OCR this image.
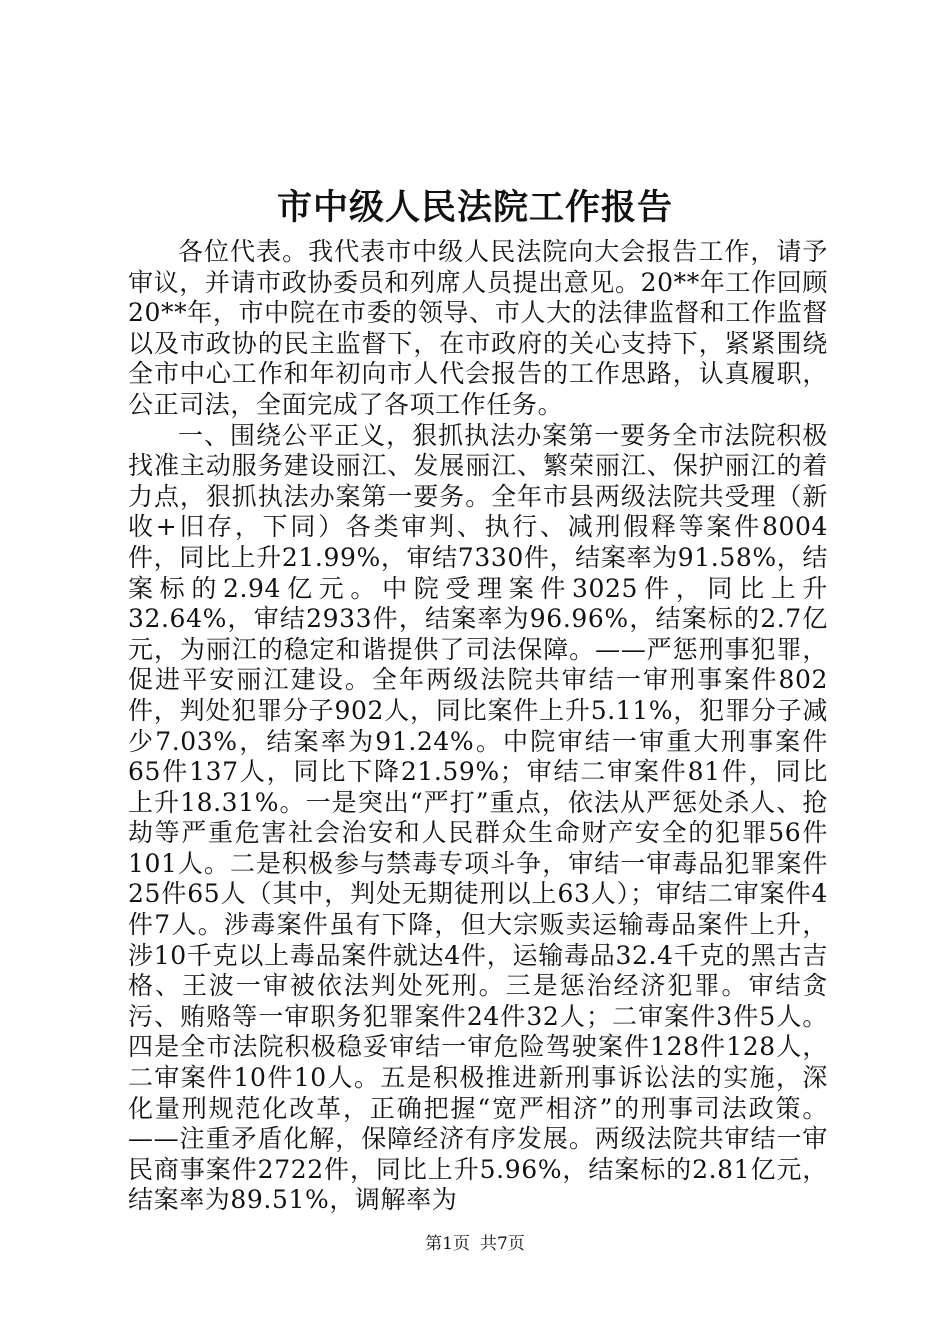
市中级人民法院工作报告

各位代表。我代表市中级人民法院向大会报告工作，请予审议，并请市政协委员和列席人员提出意见。20**年工作回顾20**年，市中院在市委的领导、市人大的法律监督和工作监督以及市政协的民主监督下，在市政府的关心支持下，紧紧围绕全市中心工作和年初向市人代会报告的工作思路，认真履职，公正司法，全面完成了各项工作任务。

一、围绕公平正义，狠抓执法办案第一要务全市法院积极找准主动服务建设丽江、发展丽江、繁荣丽江、保护丽江的着力点，狠抓执法办案第一要务。全年市县两级法院共受理（新收+旧存，下同）各类审判、执行、减刑假释等案件8004件，同比上升21.99%，审结7330件，结案率为91.58%，结案标的2.94亿元。中院受理案件3025件，同比上升32.64%，审结2933件，结案率为96.96%，结案标的2.7亿元，为丽江的稳定和谐提供了司法保障。——严惩刑事犯罪，促进平安丽江建设。全年两级法院共审结一审刑事案件802件，判处犯罪分子902人，同比案件上升5.11%，犯罪分子减少7.03%，结案率为91.24%。中院审结一审重大刑事案件65件137人，同比下降21.59%；审结二审案件81件，同比上升18.31%。一是突出“严打”重点，依法从严惩处杀人、抢劫等严重危害社会治安和人民群众生命财产安全的犯罪56件101人。二是积极参与禁毒专项斗争，审结一审毒品犯罪案件25件65人（其中，判处无期徒刑以上63人）；审结二审案件4件7人。涉毒案件虽有下降，但大宗贩卖运输毒品案件上升，涉10千克以上毒品案件就达4件，运输毒品32.4千克的黑古吉格、王波一审被依法判处死刑。三是惩治经济犯罪。审结贪污、贿赂等一审职务犯罪案件24件32人；二审案件3件5人。四是全市法院积极稳妥审结一审危险驾驶案件128件128人，二审案件10件10人。五是积极推进新刑事诉讼法的实施，深化量刑规范化改革，正确把握“宽严相济”的刑事司法政策。——注重矛盾化解，保障经济有序发展。两级法院共审结一审民商事案件2722件，同比上升5.96%，结案标的2.81亿元，结案率为89.51%，调解率为

第1页 共7页
